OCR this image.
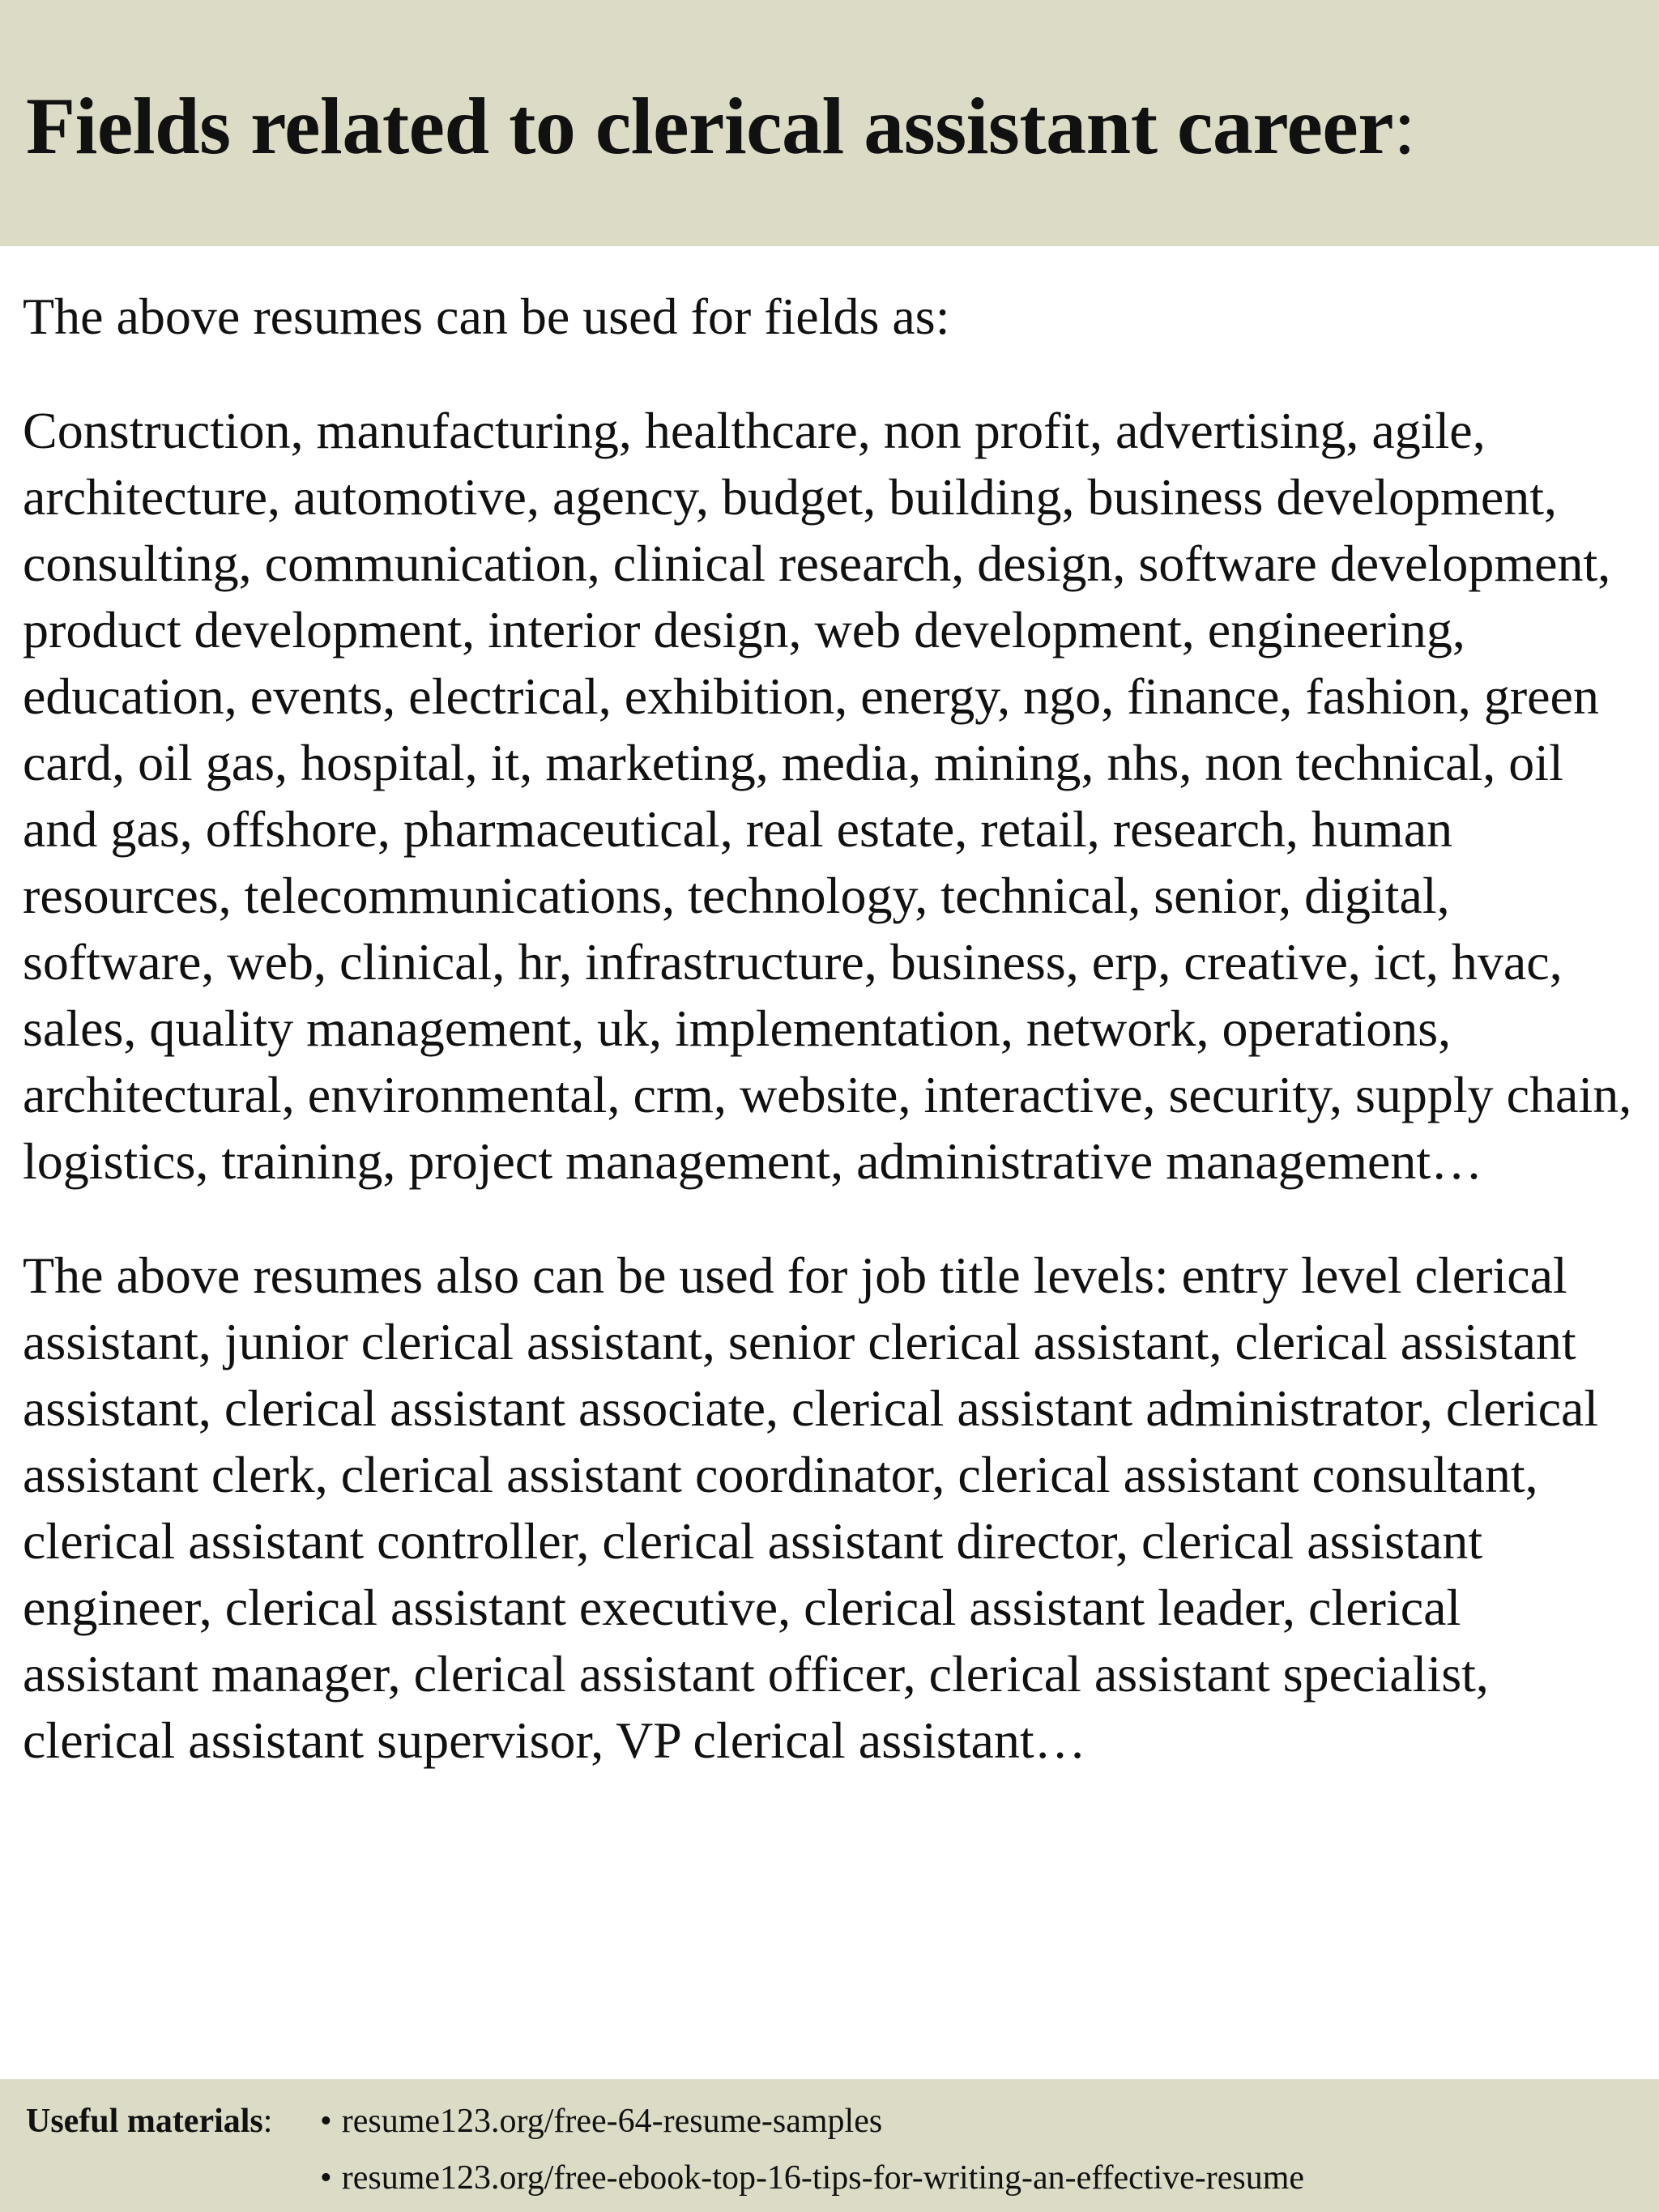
Fields related to clerical assistant career:

The above resumes can be used for fields as:

Construction, manufacturing, healthcare, non profit, advertising, agile, architecture, automotive, agency, budget, building, business development, consulting, communication, clinical research, design, software development, product development, interior design, web development, engineering, education, events, electrical, exhibition, energy, ngo, finance, fashion, green card, oil gas, hospital, it, marketing, media, mining, nhs, non technical, oil and gas, offshore, pharmaceutical, real estate, retail, research, human resources, telecommunications, technology, technical, senior, digital, software, web, clinical, hr, infrastructure, business, erp, creative, ict, hvac, sales, quality management, uk, implementation, network, operations, architectural, environmental, crm, website, interactive, security, supply chain, logistics, training, project management, administrative management…

The above resumes also can be used for job title levels: entry level clerical assistant, junior clerical assistant, senior clerical assistant, clerical assistant assistant, clerical assistant associate, clerical assistant administrator, clerical assistant clerk, clerical assistant coordinator, clerical assistant consultant, clerical assistant controller, clerical assistant director, clerical assistant engineer, clerical assistant executive, clerical assistant leader, clerical assistant manager, clerical assistant officer, clerical assistant specialist, clerical assistant supervisor, VP clerical assistant…

Useful materials: • resume123.org/free-64-resume-samples
• resume123.org/free-ebook-top-16-tips-for-writing-an-effective-resume
